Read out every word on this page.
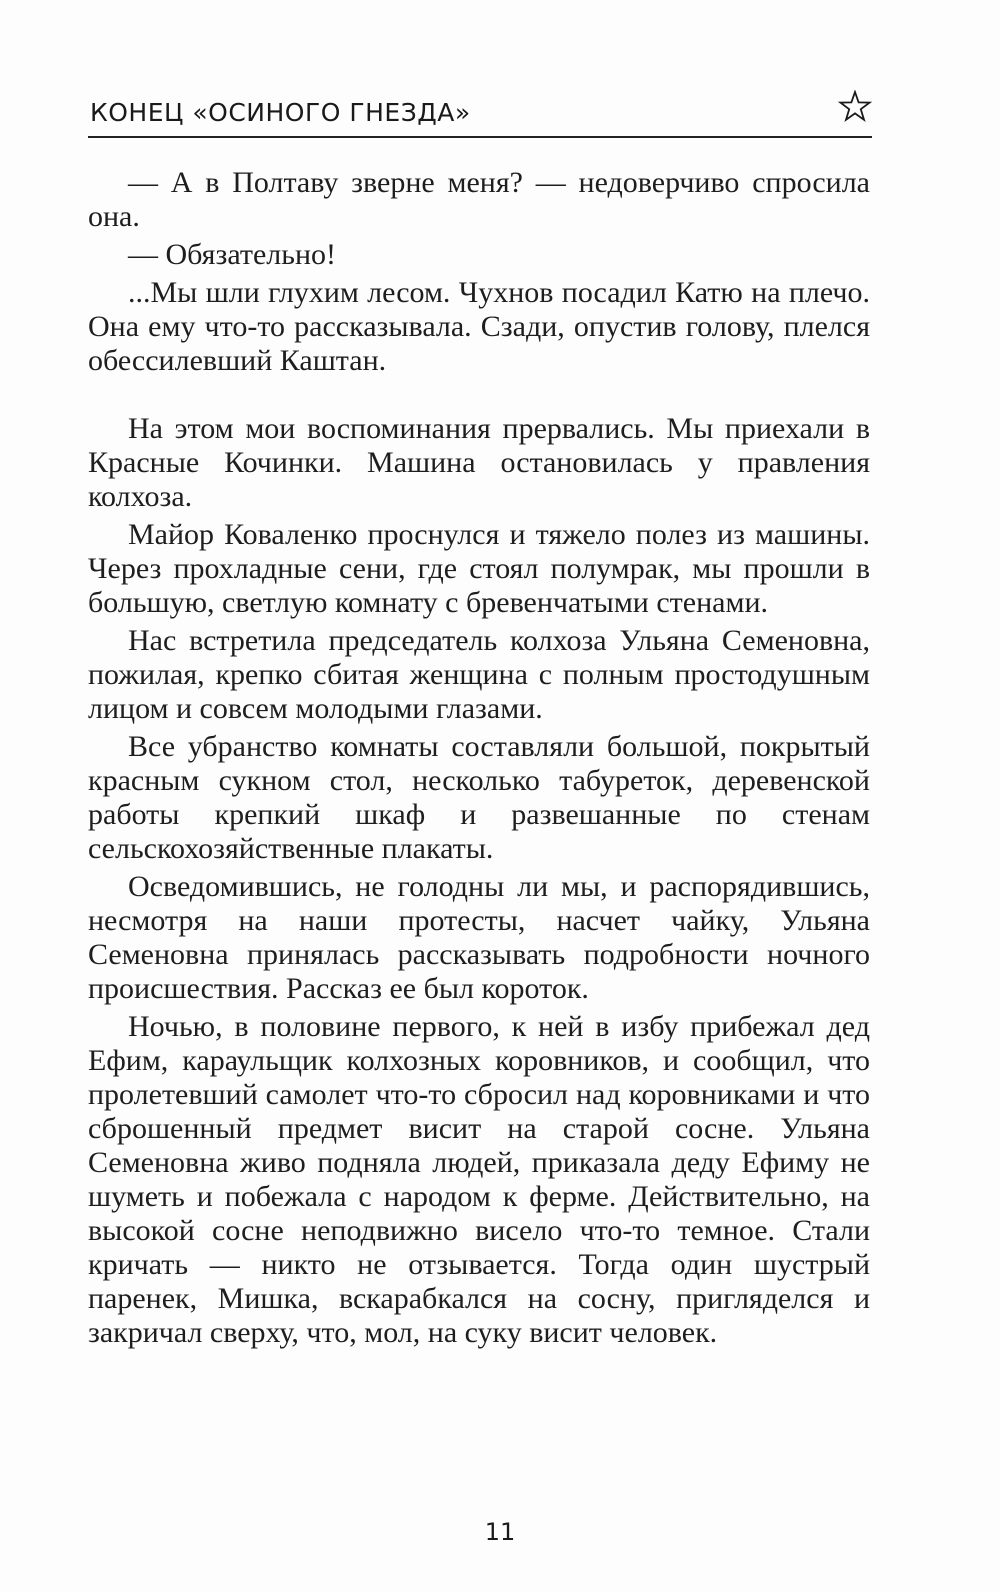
КОНЕЦ «ОСИНОГО ГНЕЗДА»

— А в Полтаву зверне меня? — недоверчиво спросила она.

— Обязательно!

...Мы шли глухим лесом. Чухнов посадил Катю на плечо. Она ему что-то рассказывала. Сзади, опустив голову, плелся обессилевший Каштан.

На этом мои воспоминания прервались. Мы приехали в Красные Кочинки. Машина остановилась у правления колхоза.

Майор Коваленко проснулся и тяжело полез из машины. Через прохладные сени, где стоял полумрак, мы прошли в большую, светлую комнату с бревенчатыми стенами.

Нас встретила председатель колхоза Ульяна Семеновна, пожилая, крепко сбитая женщина с полным простодушным лицом и совсем молодыми глазами.

Все убранство комнаты составляли большой, покрытый красным сукном стол, несколько табуреток, деревенской работы крепкий шкаф и развешанные по стенам сельскохозяйственные плакаты.

Осведомившись, не голодны ли мы, и распорядившись, несмотря на наши протесты, насчет чайку, Ульяна Семеновна принялась рассказывать подробности ночного происшествия. Рассказ ее был короток.

Ночью, в половине первого, к ней в избу прибежал дед Ефим, караульщик колхозных коровников, и сообщил, что пролетевший самолет что-то сбросил над коровниками и что сброшенный предмет висит на старой сосне. Ульяна Семеновна живо подняла людей, приказала деду Ефиму не шуметь и побежала с народом к ферме. Действительно, на высокой сосне неподвижно висело что-то темное. Стали кричать — никто не отзывается. Тогда один шустрый паренек, Мишка, вскарабкался на сосну, пригляделся и закричал сверху, что, мол, на суку висит человек.

11
